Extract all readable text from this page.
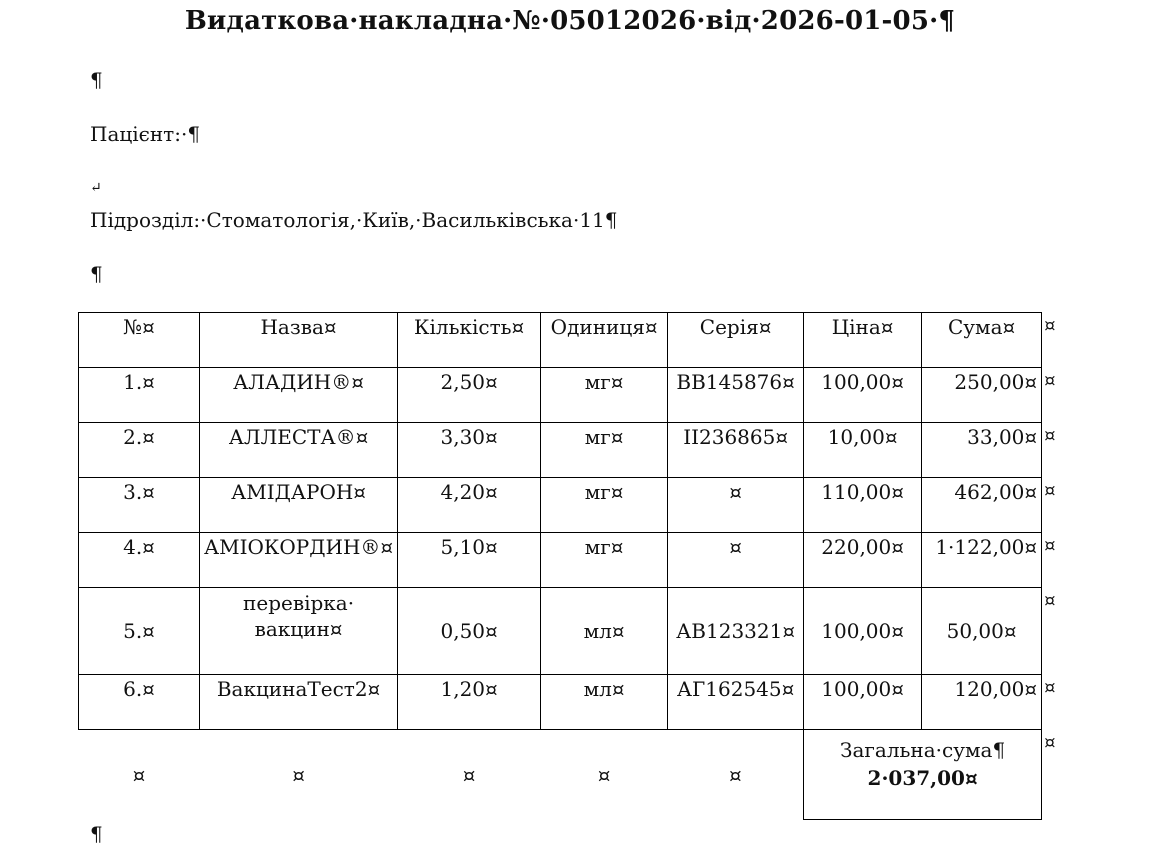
Видаткова·накладна·№·05012026·від·2026-01-05·¶
¶
Пацієнт:·¶
↵
Підрозділ:·Стоматологія,·Київ,·Васильківська·11¶
¶
№¤	Назва¤	Кількість¤	Одиниця¤	Серія¤	Ціна¤	Сума¤	¤
1.¤	АЛАДИН®¤	2,50¤	мг¤	ВВ145876¤	100,00¤	250,00¤	¤
2.¤	АЛЛЕСТА®¤	3,30¤	мг¤	ІІ236865¤	10,00¤	33,00¤	¤
3.¤	АМІДАРОН¤	4,20¤	мг¤	¤	110,00¤	462,00¤	¤
4.¤	АМІОКОРДИН®¤	5,10¤	мг¤	¤	220,00¤	1·122,00¤	¤
5.¤	перевірка· вакцин¤	0,50¤	мл¤	АВ123321¤	100,00¤	50,00¤	¤
6.¤	ВакцинаТест2¤	1,20¤	мл¤	АГ162545¤	100,00¤	120,00¤	¤
¤	¤	¤	¤	¤	Загальна·сума¶
2·037,00¤		¤
¶
